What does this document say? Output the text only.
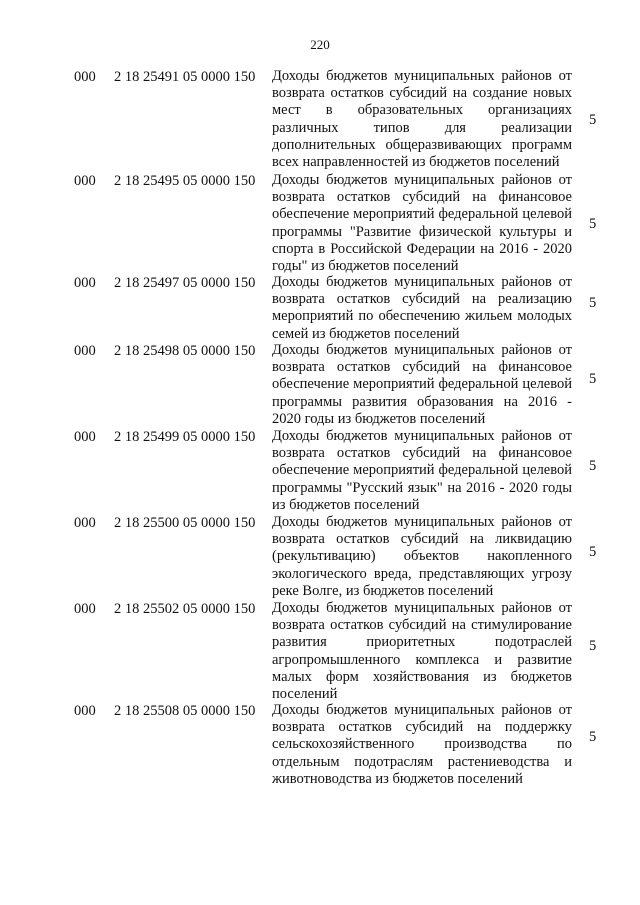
220
000 2 18 25491 05 0000 150 Доходы бюджетов муниципальных районов от возврата остатков субсидий на создание новых мест в образовательных организациях различных типов для реализации дополнительных общеразвивающих программ всех направленностей из бюджетов поселений
5
000 2 18 25495 05 0000 150 Доходы бюджетов муниципальных районов от возврата остатков субсидий на финансовое обеспечение мероприятий федеральной целевой программы "Развитие физической культуры и спорта в Российской Федерации на 2016 - 2020 годы" из бюджетов поселений
5
000 2 18 25497 05 0000 150 Доходы бюджетов муниципальных районов от возврата остатков субсидий на реализацию мероприятий по обеспечению жильем молодых семей из бюджетов поселений
5
000 2 18 25498 05 0000 150 Доходы бюджетов муниципальных районов от возврата остатков субсидий на финансовое обеспечение мероприятий федеральной целевой программы развития образования на 2016 - 2020 годы из бюджетов поселений
5
000 2 18 25499 05 0000 150 Доходы бюджетов муниципальных районов от возврата остатков субсидий на финансовое обеспечение мероприятий федеральной целевой программы "Русский язык" на 2016 - 2020 годы из бюджетов поселений
5
000 2 18 25500 05 0000 150 Доходы бюджетов муниципальных районов от возврата остатков субсидий на ликвидацию (рекультивацию) объектов накопленного экологического вреда, представляющих угрозу реке Волге, из бюджетов поселений
5
000 2 18 25502 05 0000 150 Доходы бюджетов муниципальных районов от возврата остатков субсидий на стимулирование развития приоритетных подотраслей агропромышленного комплекса и развитие малых форм хозяйствования из бюджетов поселений
5
000 2 18 25508 05 0000 150 Доходы бюджетов муниципальных районов от возврата остатков субсидий на поддержку сельскохозяйственного производства по отдельным подотраслям растениеводства и животноводства из бюджетов поселений
5
